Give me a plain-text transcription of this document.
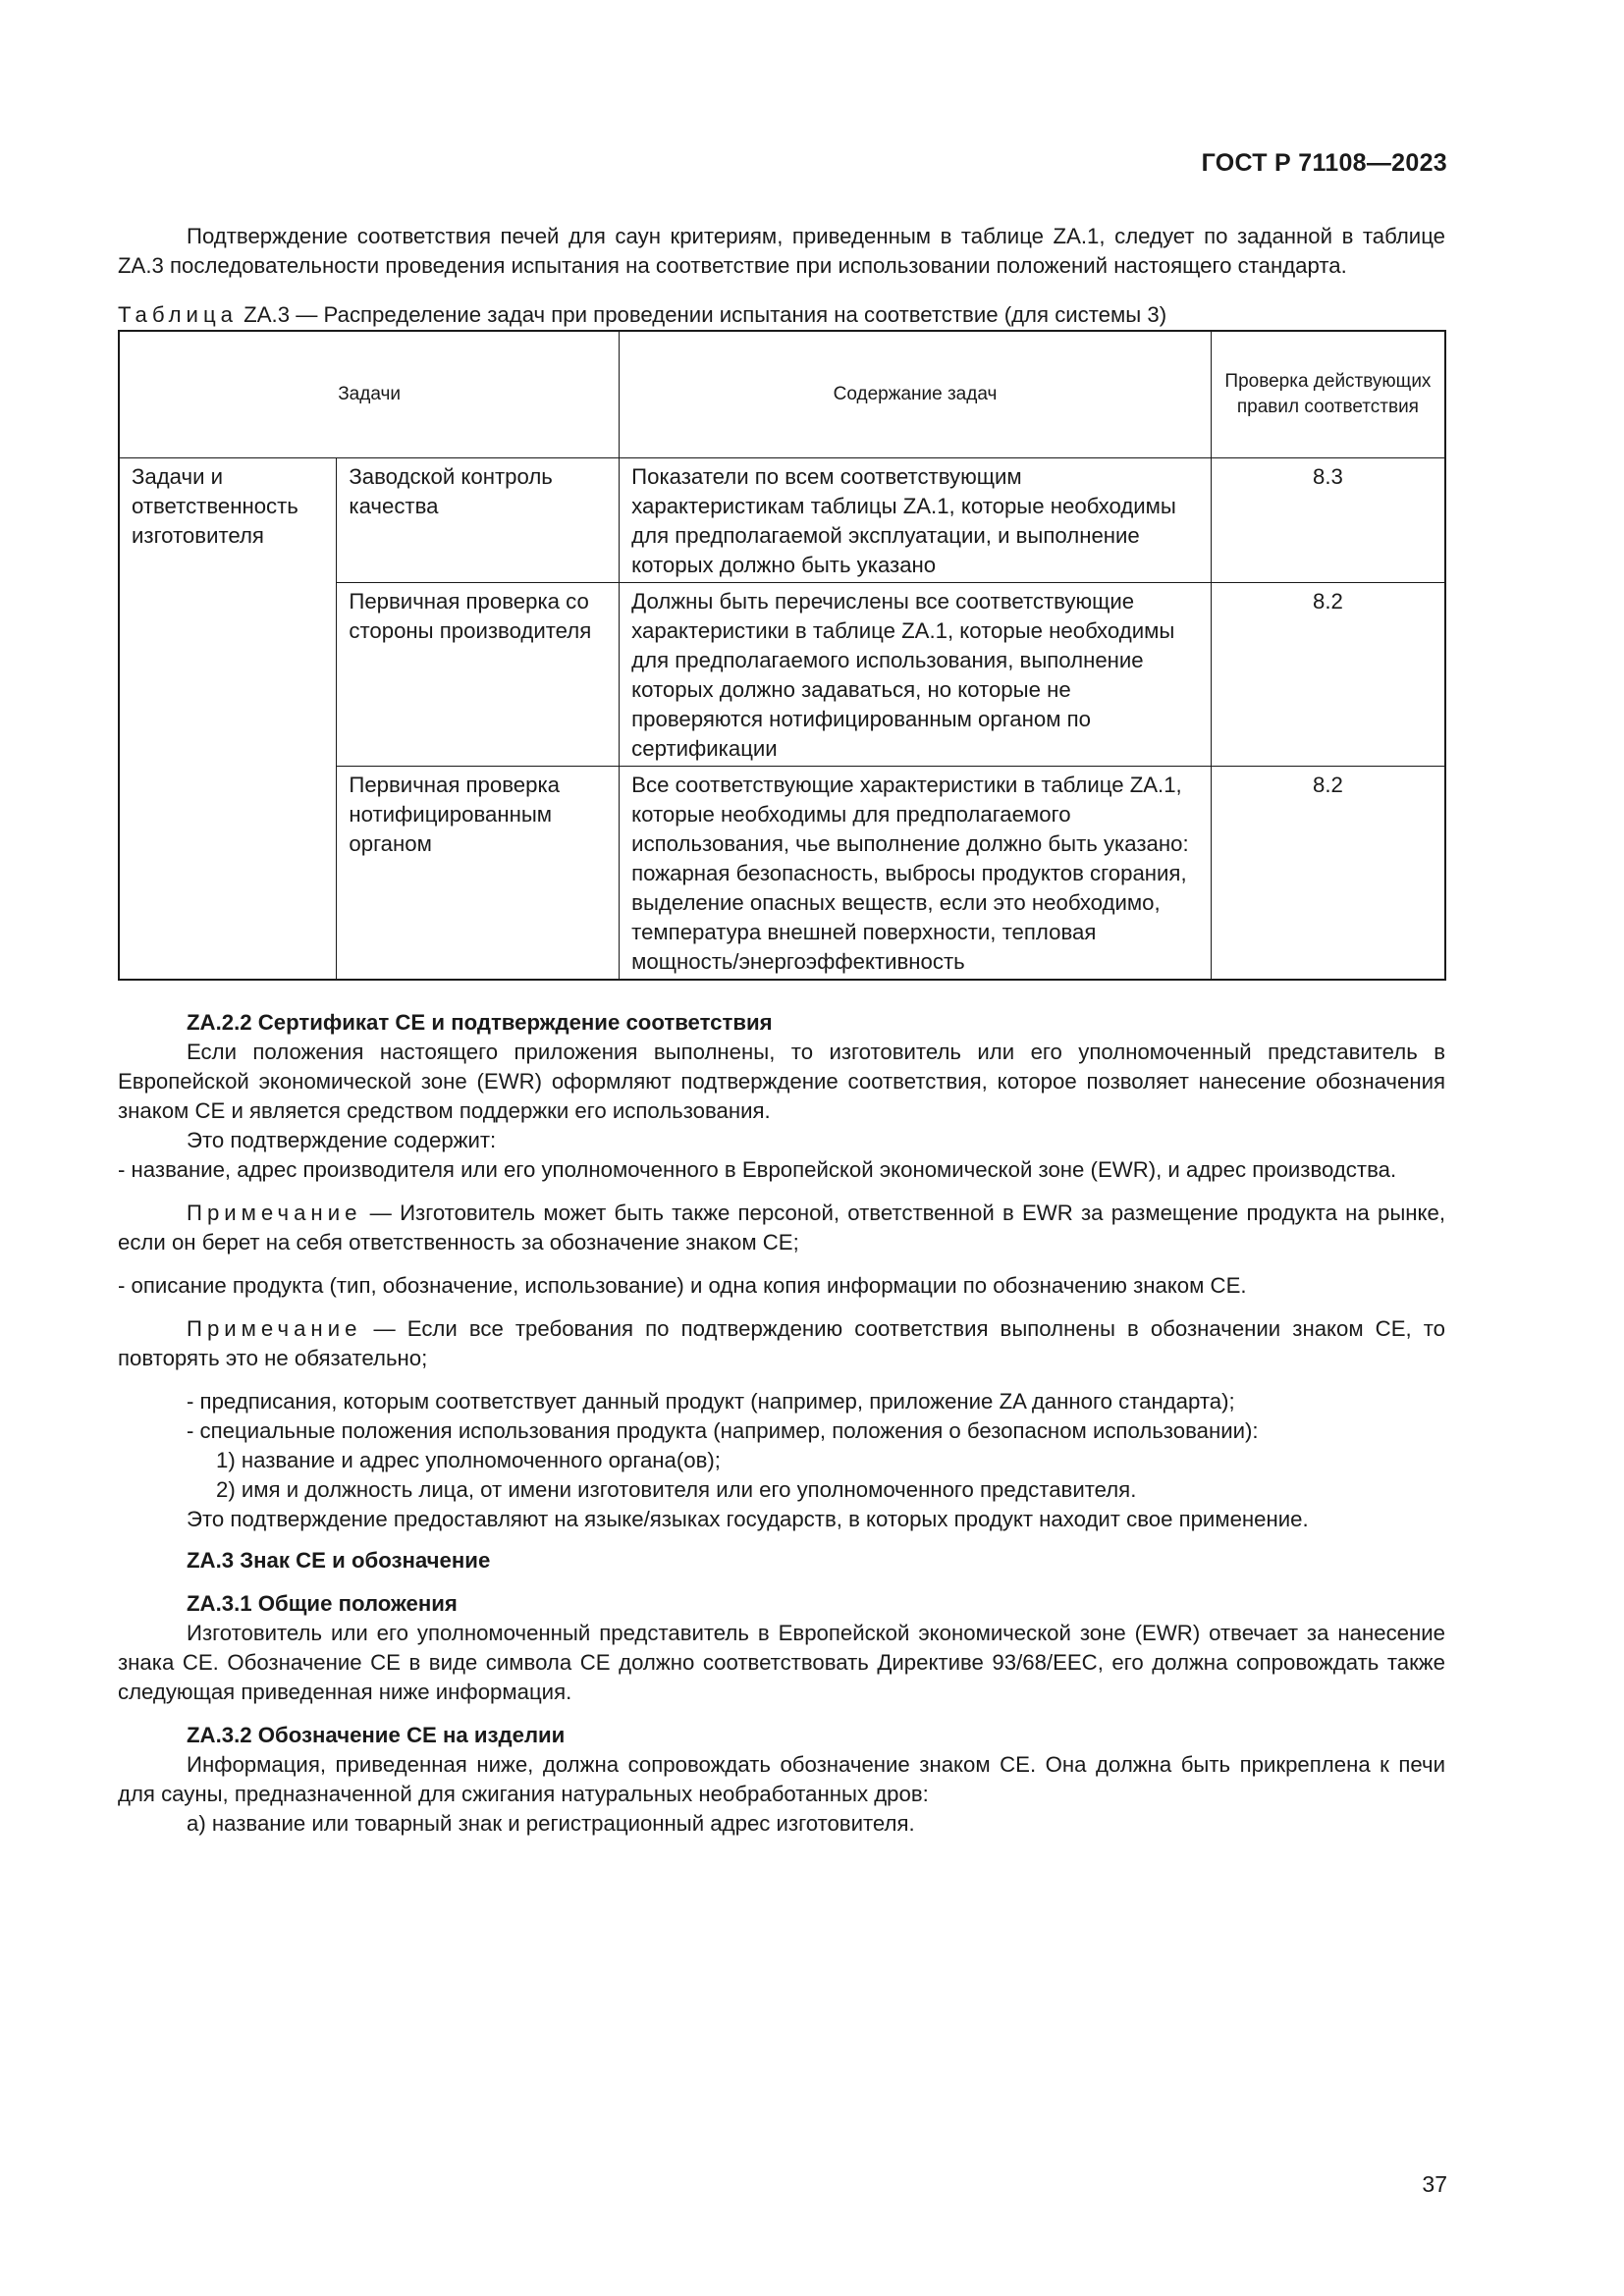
ГОСТ Р 71108—2023

Подтверждение соответствия печей для саун критериям, приведенным в таблице ZA.1, следует по заданной в таблице ZA.3 последовательности проведения испытания на соответствие при использовании положений настоящего стандарта.

Таблица ZA.3 — Распределение задач при проведении испытания на соответствие (для системы 3)

Задачи		Содержание задач	Проверка действующих правил соответствия
Задачи и ответственность изготовителя	Заводской контроль качества	Показатели по всем соответствующим характеристикам таблицы ZA.1, которые необходимы для предполагаемой эксплуатации, и выполнение которых должно быть указано	8.3
	Первичная проверка со стороны производителя	Должны быть перечислены все соответствующие характеристики в таблице ZA.1, которые необходимы для предполагаемого использования, выполнение которых должно задаваться, но которые не проверяются нотифицированным органом по сертификации	8.2
	Первичная проверка нотифицированным органом	Все соответствующие характеристики в таблице ZA.1, которые необходимы для предполагаемого использования, чье выполнение должно быть указано: пожарная безопасность, выбросы продуктов сгорания, выделение опасных веществ, если это необходимо, температура внешней поверхности, тепловая мощность/энергоэффективность	8.2

ZA.2.2 Сертификат CE и подтверждение соответствия

Если положения настоящего приложения выполнены, то изготовитель или его уполномоченный представитель в Европейской экономической зоне (EWR) оформляют подтверждение соответствия, которое позволяет нанесение обозначения знаком CE и является средством поддержки его использования.

Это подтверждение содержит:

- название, адрес производителя или его уполномоченного в Европейской экономической зоне (EWR), и адрес производства.

Примечание — Изготовитель может быть также персоной, ответственной в EWR за размещение продукта на рынке, если он берет на себя ответственность за обозначение знаком CE;

- описание продукта (тип, обозначение, использование) и одна копия информации по обозначению знаком CE.

Примечание — Если все требования по подтверждению соответствия выполнены в обозначении знаком CE, то повторять это не обязательно;

- предписания, которым соответствует данный продукт (например, приложение ZA данного стандарта);

- специальные положения использования продукта (например, положения о безопасном использовании):

1) название и адрес уполномоченного органа(ов);

2) имя и должность лица, от имени изготовителя или его уполномоченного представителя.

Это подтверждение предоставляют на языке/языках государств, в которых продукт находит свое применение.

ZA.3 Знак CE и обозначение

ZA.3.1 Общие положения

Изготовитель или его уполномоченный представитель в Европейской экономической зоне (EWR) отвечает за нанесение знака CE. Обозначение CE в виде символа CE должно соответствовать Директиве 93/68/EEC, его должна сопровождать также следующая приведенная ниже информация.

ZA.3.2 Обозначение CE на изделии

Информация, приведенная ниже, должна сопровождать обозначение знаком CE. Она должна быть прикреплена к печи для сауны, предназначенной для сжигания натуральных необработанных дров:

а) название или товарный знак и регистрационный адрес изготовителя.

37
